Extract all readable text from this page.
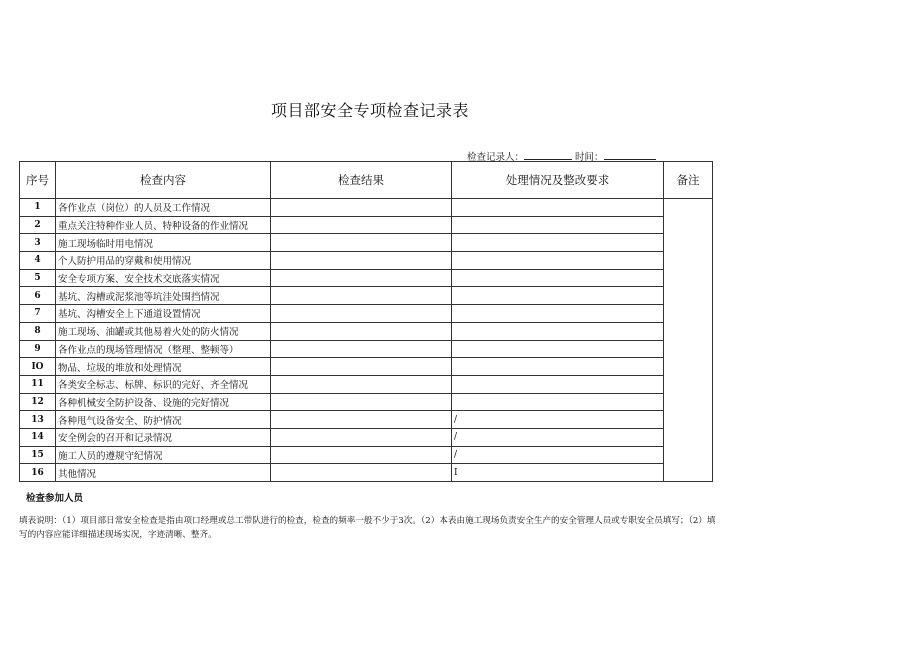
项目部安全专项检查记录表
检查记录人：	时间：
序号	检查内容	检查结果	处理情况及整改要求	备注
1	各作业点（岗位）的人员及工作情况			
2	重点关注特种作业人员、特种设备的作业情况			
3	施工现场临时用电情况			
4	个人防护用品的穿戴和使用情况			
5	安全专项方案、安全技术交底落实情况			
6	基坑、沟槽或泥浆池等坑洼处围挡情况			
7	基坑、沟槽安全上下通道设置情况			
8	施工现场、油罐或其他易着火处的防火情况			
9	各作业点的现场管理情况（整理、整顿等）			
IO	物品、垃圾的堆放和处理情况			
11	各类安全标志、标牌、标识的完好、齐全情况			
12	各种机械安全防护设备、设施的完好情况			
13	各种甩气设备安全、防护情况		/	
14	安全例会的召开和记录情况		/	
15	施工人员的遵规守纪情况		/	
16	其他情况		I	
检查参加人员
填表说明：（1）项目部日常安全检查是指由项口经理或总工带队进行的检查，检查的频率一般不少于3次。（2）本表由施工现场负责安全生产的安全管理人员或专职安全员填写；（2）填写的内容应能详细描述现场实况，字迹清晰、整齐。
